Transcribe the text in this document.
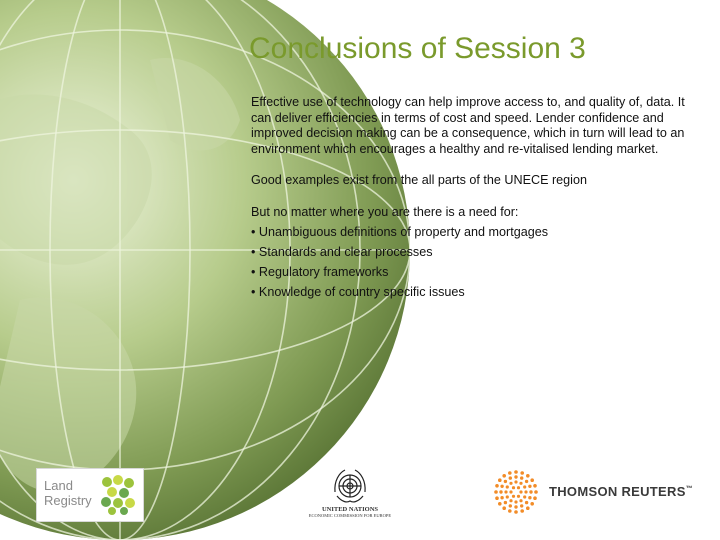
Conclusions of Session 3

Effective use of technology can help improve access to, and quality of, data. It can deliver efficiencies in terms of cost and speed. Lender confidence and improved decision making can be a consequence, which in turn will lead to an environment which encourages a healthy and re-vitalised lending market.

Good examples exist from the all parts of the UNECE region

But no matter where you are there is a need for:

• Unambiguous definitions of property and mortgages
• Standards and clear processes
• Regulatory frameworks
• Knowledge of country specific issues
Land
Registry
UNITED NATIONS
ECONOMIC COMMISSION FOR EUROPE
THOMSON REUTERS™
